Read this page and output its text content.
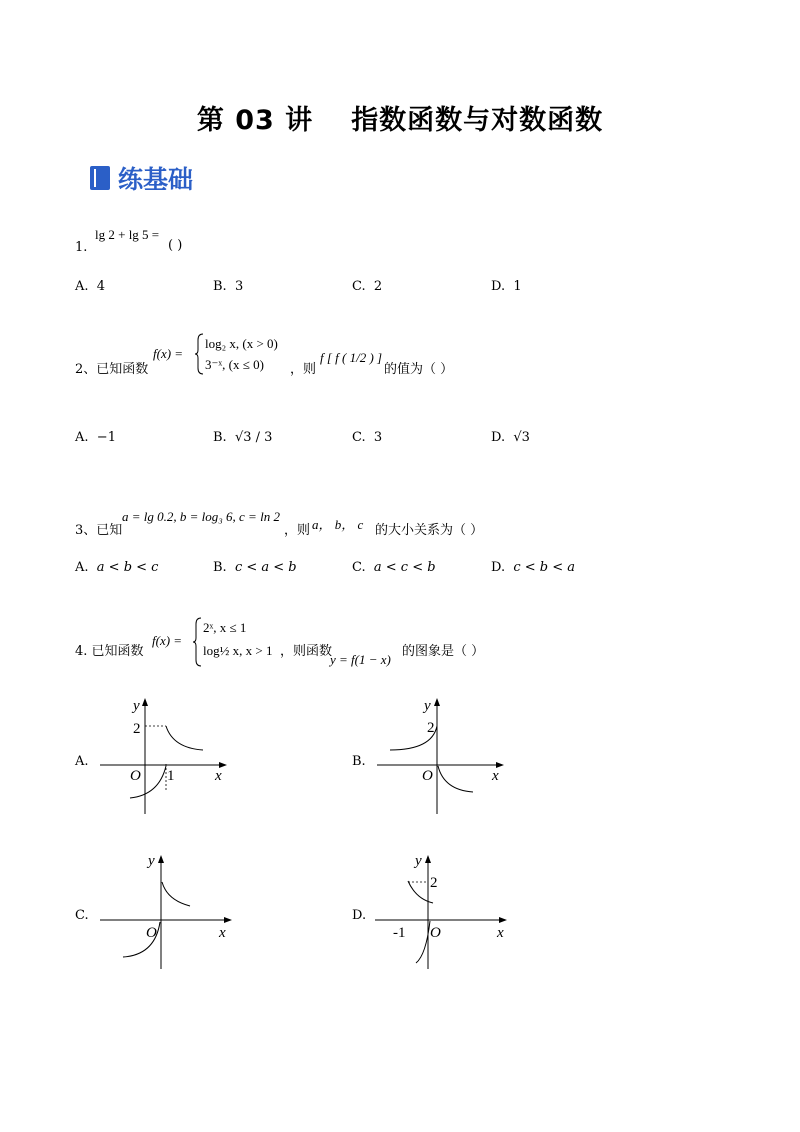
第 03 讲 指数函数与对数函数
练基础
lg 2 + lg 5 =
1.	( )
A. 4	B. 3	C. 2	D. 1
2、已知函数
f(x) =
log₂ x, (x > 0)
3⁻ˣ, (x ≤ 0) ，则
f [ f ( 1/2 ) ]
的值为（ ）
A. −1	B. √3 / 3	C. 3	D. √3
3、已知
a = lg 0.2, b = log₃ 6, c = ln 2
，则 a， b， c 的大小关系为（ ）
A. a < b < c	B. c < a < b	C. a < c < b	D. c < b < a
4. 已知函数
f(x) =
2ˣ, x ≤ 1
log½ x, x > 1 ，则函数
y = f(1 − x)
的图象是（ ）
A.
y
x
O
2
1
B.
y
x
O
2
C.
y
x
O
D.
y
x
O
2
-1
